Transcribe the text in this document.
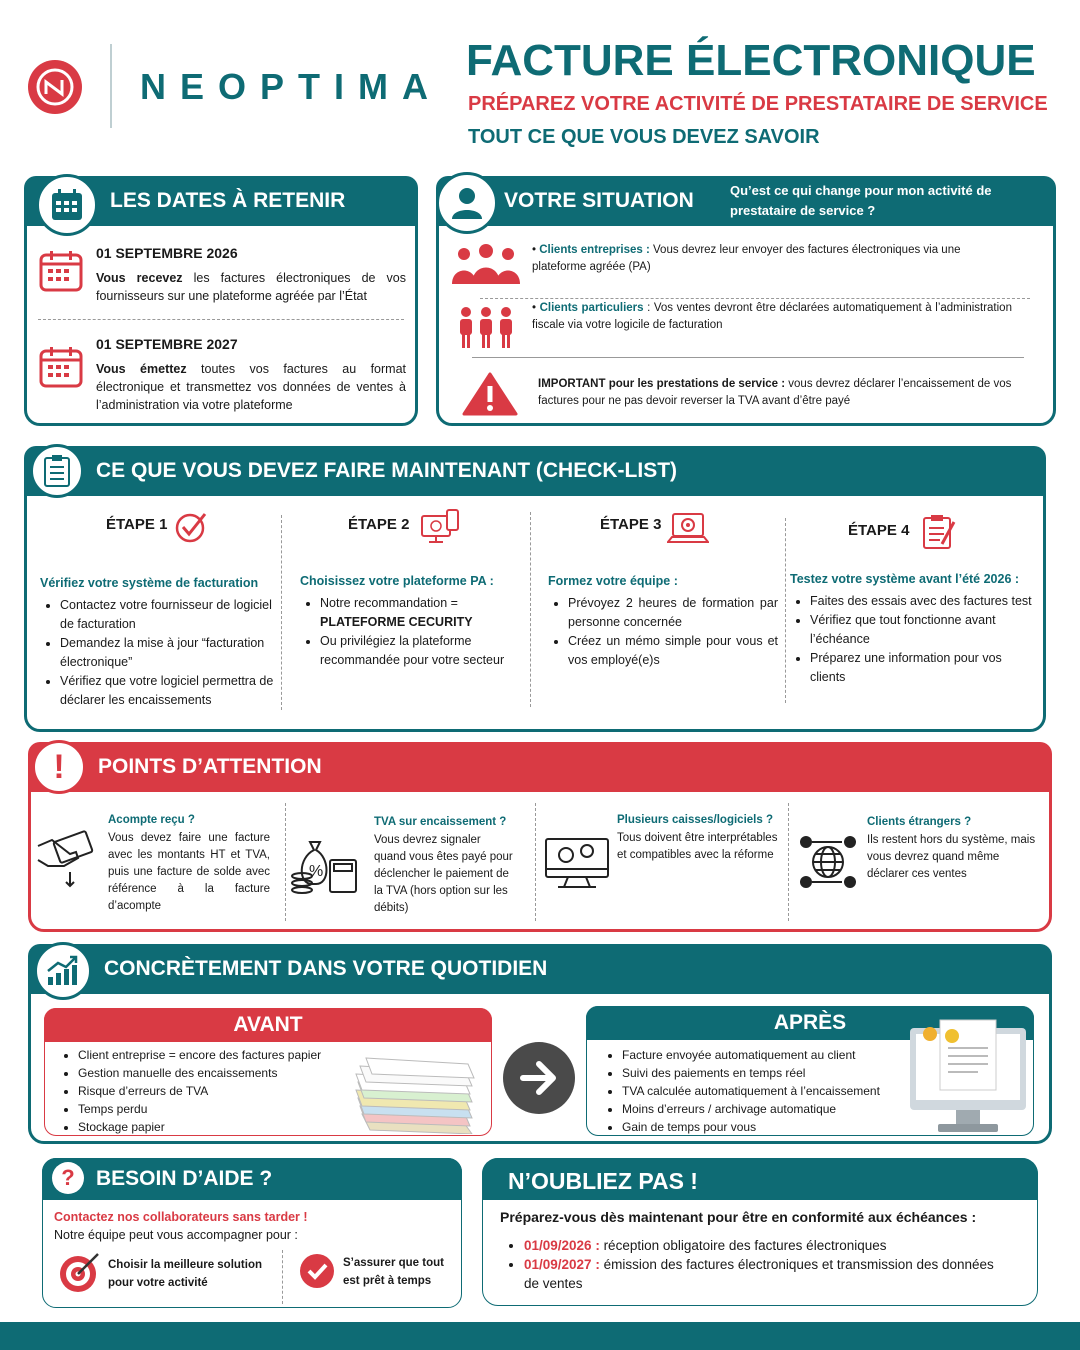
NEOPTIMA
FACTURE ÉLECTRONIQUE
PRÉPAREZ VOTRE ACTIVITÉ DE PRESTATAIRE DE SERVICE
TOUT CE QUE VOUS DEVEZ SAVOIR
LES DATES À RETENIR
01 SEPTEMBRE 2026
Vous recevez les factures électroniques de vos fournisseurs sur une plateforme agréée par l’État
01 SEPTEMBRE 2027
Vous émettez toutes vos factures au format électronique et transmettez vos données de ventes à l’administration via votre plateforme
VOTRE SITUATION	Qu’est ce qui change pour mon activité de prestataire de service ?
• Clients entreprises : Vous devrez leur envoyer des factures électroniques via une plateforme agréée (PA)
• Clients particuliers : Vos ventes devront être déclarées automatiquement à l’administration fiscale via votre logicile de facturation
IMPORTANT pour les prestations de service : vous devrez déclarer l’encaissement de vos factures pour ne pas devoir reverser la TVA avant d’être payé
CE QUE VOUS DEVEZ FAIRE MAINTENANT (CHECK-LIST)
ÉTAPE 1
Vérifiez votre système de facturation
• Contactez votre fournisseur de logiciel de facturation
• Demandez la mise à jour “facturation électronique”
• Vérifiez que votre logiciel permettra de déclarer les encaissements
ÉTAPE 2
Choisissez votre plateforme PA :
• Notre recommandation =
PLATEFORME CECURITY
• Ou privilégiez la plateforme recommandée pour votre secteur
ÉTAPE 3
Formez votre équipe :
• Prévoyez 2 heures de formation par personne concernée
• Créez un mémo simple pour vous et vos employé(e)s
ÉTAPE 4
Testez votre système avant l’été 2026 :
• Faites des essais avec des factures test
• Vérifiez que tout fonctionne avant l’échéance
• Préparez une information pour vos clients
POINTS D’ATTENTION
!
Acompte reçu ?
Vous devez faire une facture avec les montants HT et TVA, puis une facture de solde avec référence à la facture d’acompte
TVA sur encaissement ?
Vous devrez signaler quand vous êtes payé pour déclencher le paiement de la TVA (hors option sur les débits)
Plusieurs caisses/logiciels ?
Tous doivent être interprétables et compatibles avec la réforme
Clients étrangers ?
Ils restent hors du système, mais vous devrez quand même déclarer ces ventes
%
CONCRÈTEMENT DANS VOTRE QUOTIDIEN
AVANT
• Client entreprise = encore des factures papier
• Gestion manuelle des encaissements
• Risque d’erreurs de TVA
• Temps perdu
• Stockage papier
APRÈS
• Facture envoyée automatiquement au client
• Suivi des paiements en temps réel
• TVA calculée automatiquement à l’encaissement
• Moins d’erreurs / archivage automatique
• Gain de temps pour vous
BESOIN D’AIDE ?
?
Contactez nos collaborateurs sans tarder !
Notre équipe peut vous accompagner pour :
Choisir la meilleure solution pour votre activité
S’assurer que tout est prêt à temps
N’OUBLIEZ PAS !
Préparez-vous dès maintenant pour être en conformité aux échéances :
• 01/09/2026 : réception obligatoire des factures électroniques
• 01/09/2027 : émission des factures électroniques et transmission des données de ventes
